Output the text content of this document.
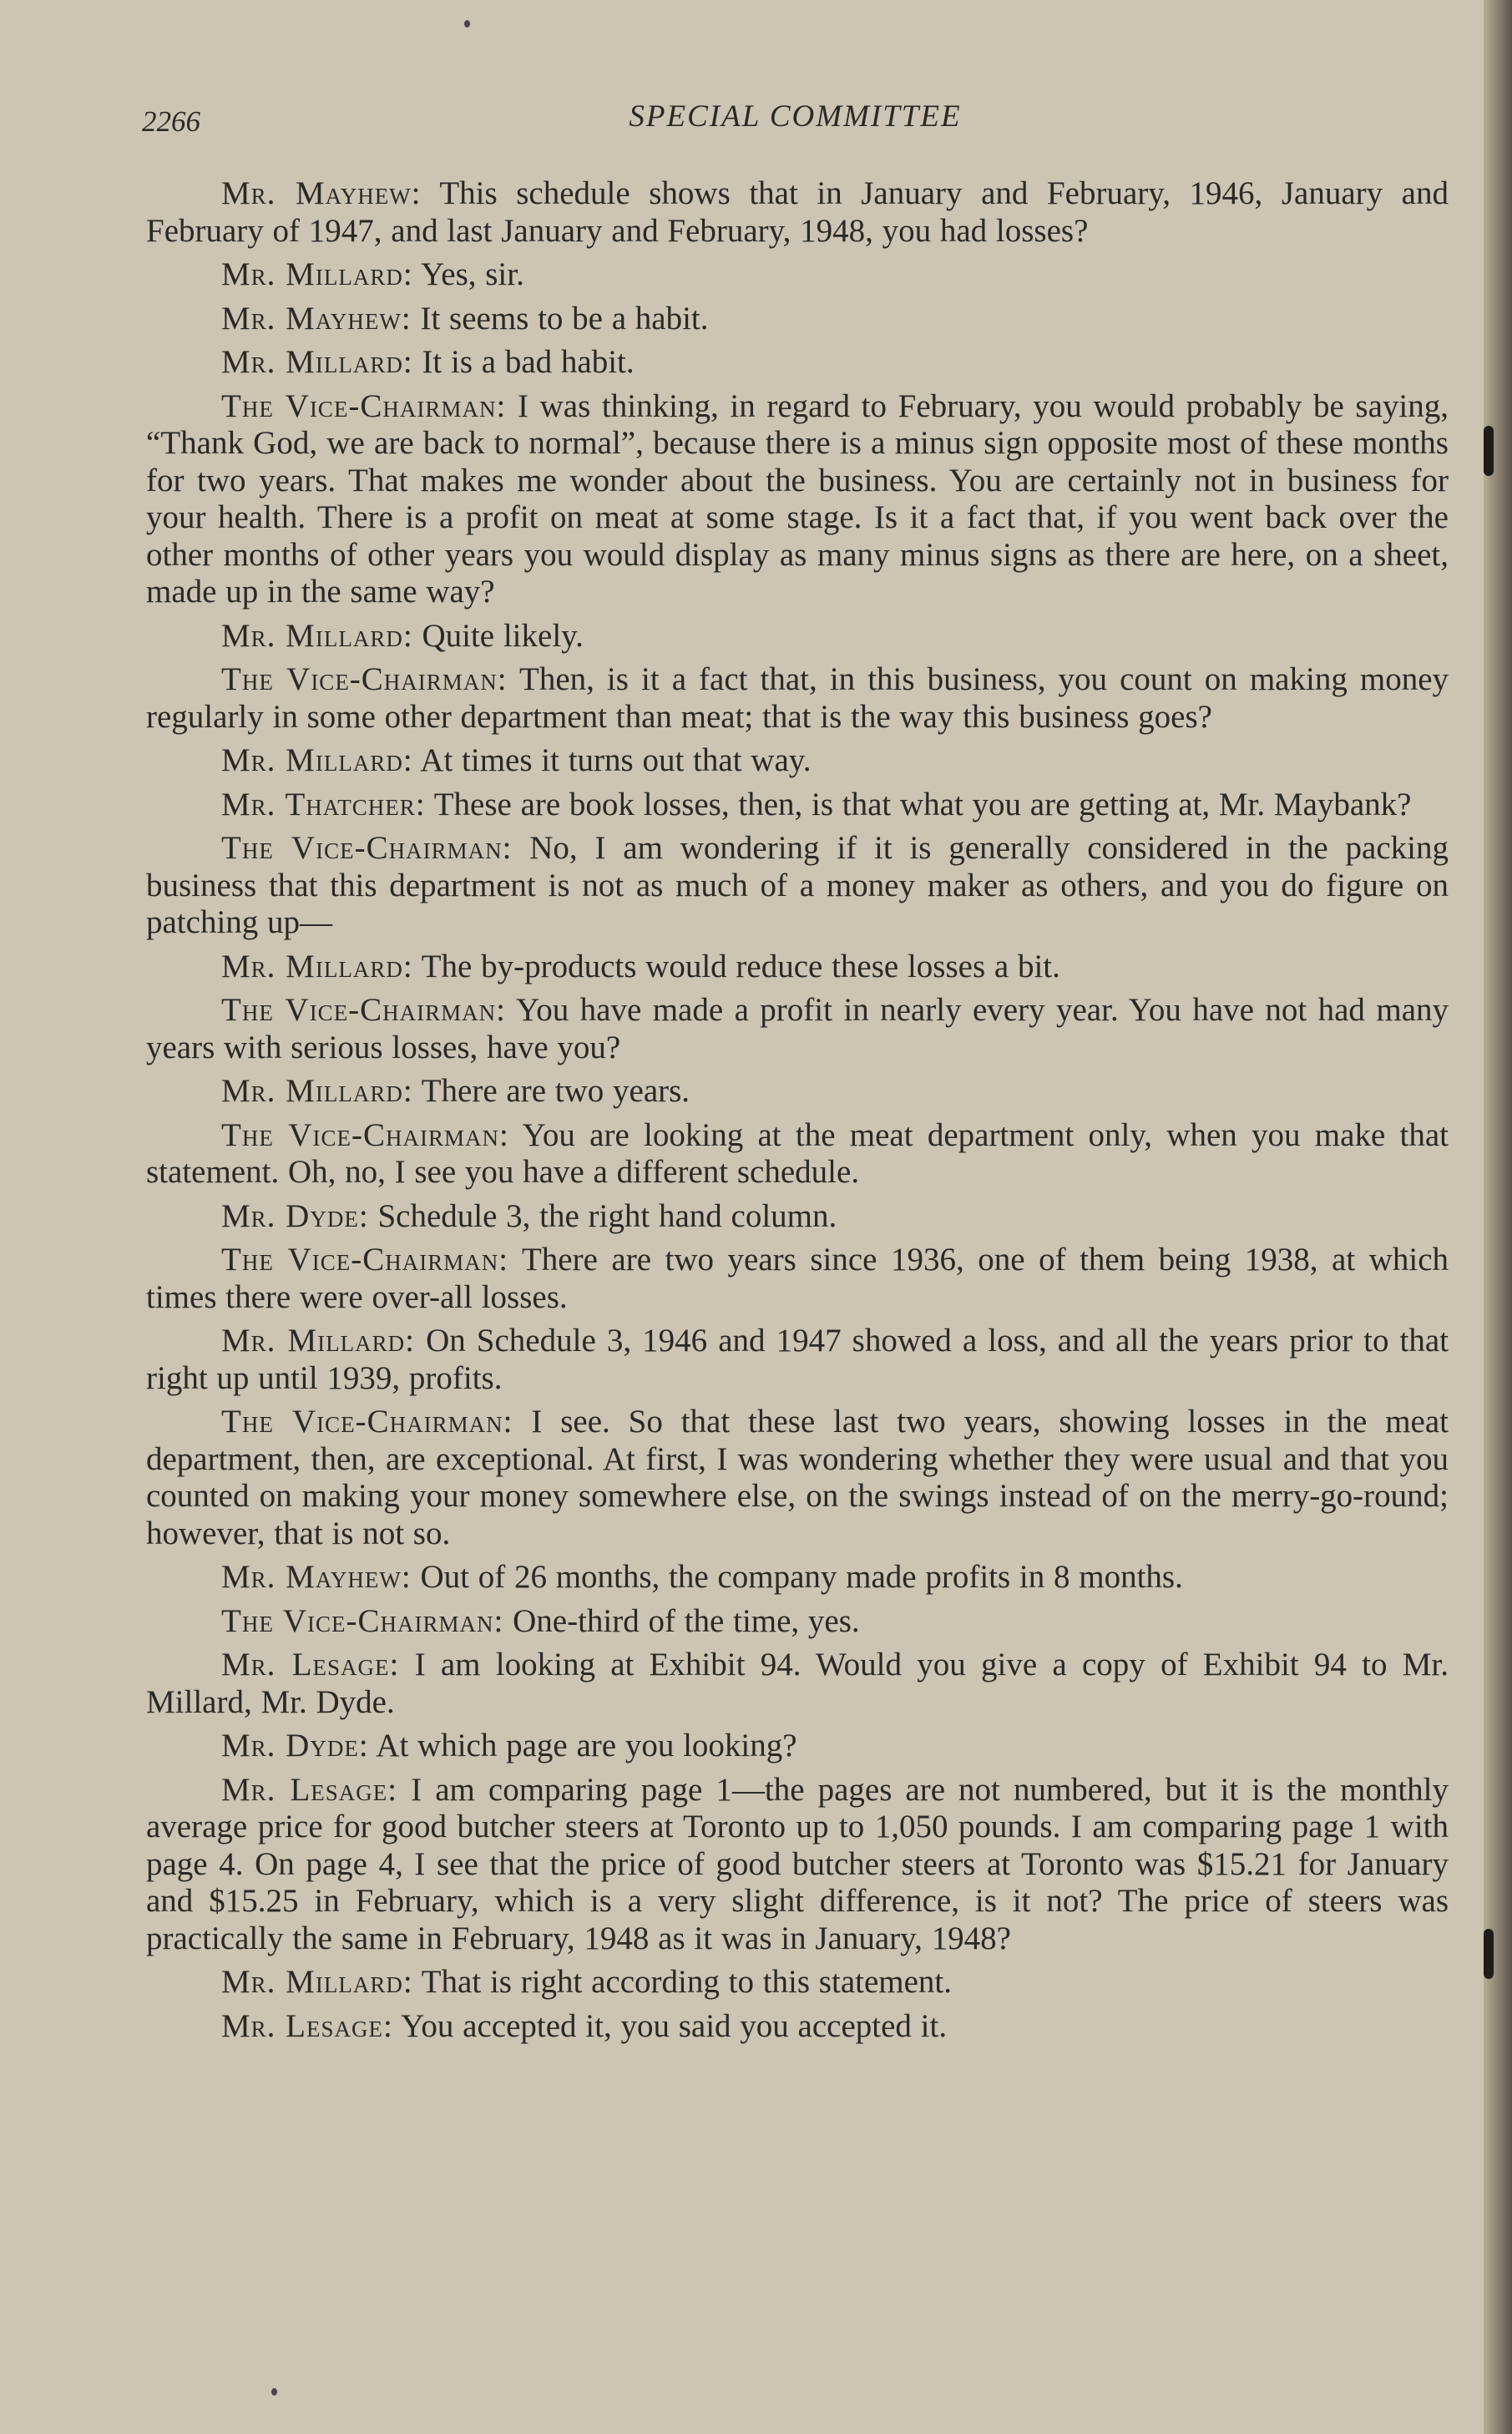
2266	SPECIAL COMMITTEE

Mr. Mayhew: This schedule shows that in January and February, 1946, January and February of 1947, and last January and February, 1948, you had losses?

Mr. Millard: Yes, sir.

Mr. Mayhew: It seems to be a habit.

Mr. Millard: It is a bad habit.

The Vice-Chairman: I was thinking, in regard to February, you would probably be saying, “Thank God, we are back to normal”, because there is a minus sign opposite most of these months for two years. That makes me wonder about the business. You are certainly not in business for your health. There is a profit on meat at some stage. Is it a fact that, if you went back over the other months of other years you would display as many minus signs as there are here, on a sheet, made up in the same way?

Mr. Millard: Quite likely.

The Vice-Chairman: Then, is it a fact that, in this business, you count on making money regularly in some other department than meat; that is the way this business goes?

Mr. Millard: At times it turns out that way.

Mr. Thatcher: These are book losses, then, is that what you are getting at, Mr. Maybank?

The Vice-Chairman: No, I am wondering if it is generally considered in the packing business that this department is not as much of a money maker as others, and you do figure on patching up—

Mr. Millard: The by-products would reduce these losses a bit.

The Vice-Chairman: You have made a profit in nearly every year. You have not had many years with serious losses, have you?

Mr. Millard: There are two years.

The Vice-Chairman: You are looking at the meat department only, when you make that statement. Oh, no, I see you have a different schedule.

Mr. Dyde: Schedule 3, the right hand column.

The Vice-Chairman: There are two years since 1936, one of them being 1938, at which times there were over-all losses.

Mr. Millard: On Schedule 3, 1946 and 1947 showed a loss, and all the years prior to that right up until 1939, profits.

The Vice-Chairman: I see. So that these last two years, showing losses in the meat department, then, are exceptional. At first, I was wondering whether they were usual and that you counted on making your money somewhere else, on the swings instead of on the merry-go-round; however, that is not so.

Mr. Mayhew: Out of 26 months, the company made profits in 8 months.

The Vice-Chairman: One-third of the time, yes.

Mr. Lesage: I am looking at Exhibit 94. Would you give a copy of Exhibit 94 to Mr. Millard, Mr. Dyde.

Mr. Dyde: At which page are you looking?

Mr. Lesage: I am comparing page 1—the pages are not numbered, but it is the monthly average price for good butcher steers at Toronto up to 1,050 pounds. I am comparing page 1 with page 4. On page 4, I see that the price of good butcher steers at Toronto was $15.21 for January and $15.25 in February, which is a very slight difference, is it not? The price of steers was practically the same in February, 1948 as it was in January, 1948?

Mr. Millard: That is right according to this statement.

Mr. Lesage: You accepted it, you said you accepted it.
